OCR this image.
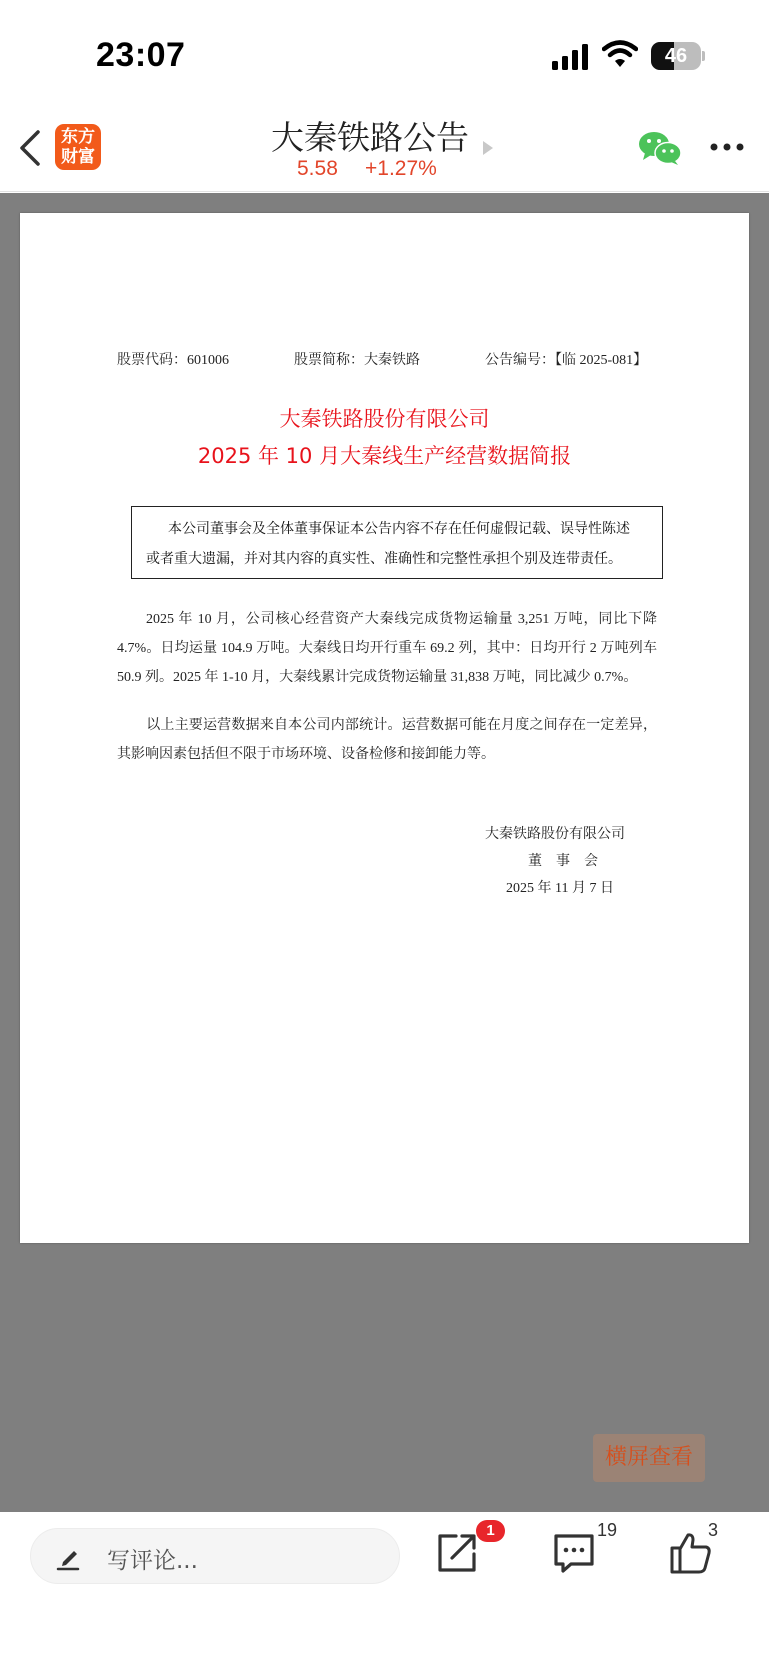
23:07	46
东方
财富
大秦铁路公告
5.58 +1.27%
股票代码：601006	股票简称：大秦铁路	公告编号：【临 2025-081】
大秦铁路股份有限公司
2025 年 10 月大秦线生产经营数据简报
本公司董事会及全体董事保证本公告内容不存在任何虚假记载、误导性陈述
或者重大遗漏，并对其内容的真实性、准确性和完整性承担个别及连带责任。
2025 年 10 月，公司核心经营资产大秦线完成货物运输量 3,251 万吨，同比下降 4.7%。日均运量 104.9 万吨。大秦线日均开行重车 69.2 列，其中：日均开行 2 万吨列车 50.9 列。2025 年 1-10 月，大秦线累计完成货物运输量 31,838 万吨，同比减少 0.7%。
以上主要运营数据来自本公司内部统计。运营数据可能在月度之间存在一定差异，其影响因素包括但不限于市场环境、设备检修和接卸能力等。
大秦铁路股份有限公司
董　事　会
2025 年 11 月 7 日
横屏查看
写评论...
1	19	3
